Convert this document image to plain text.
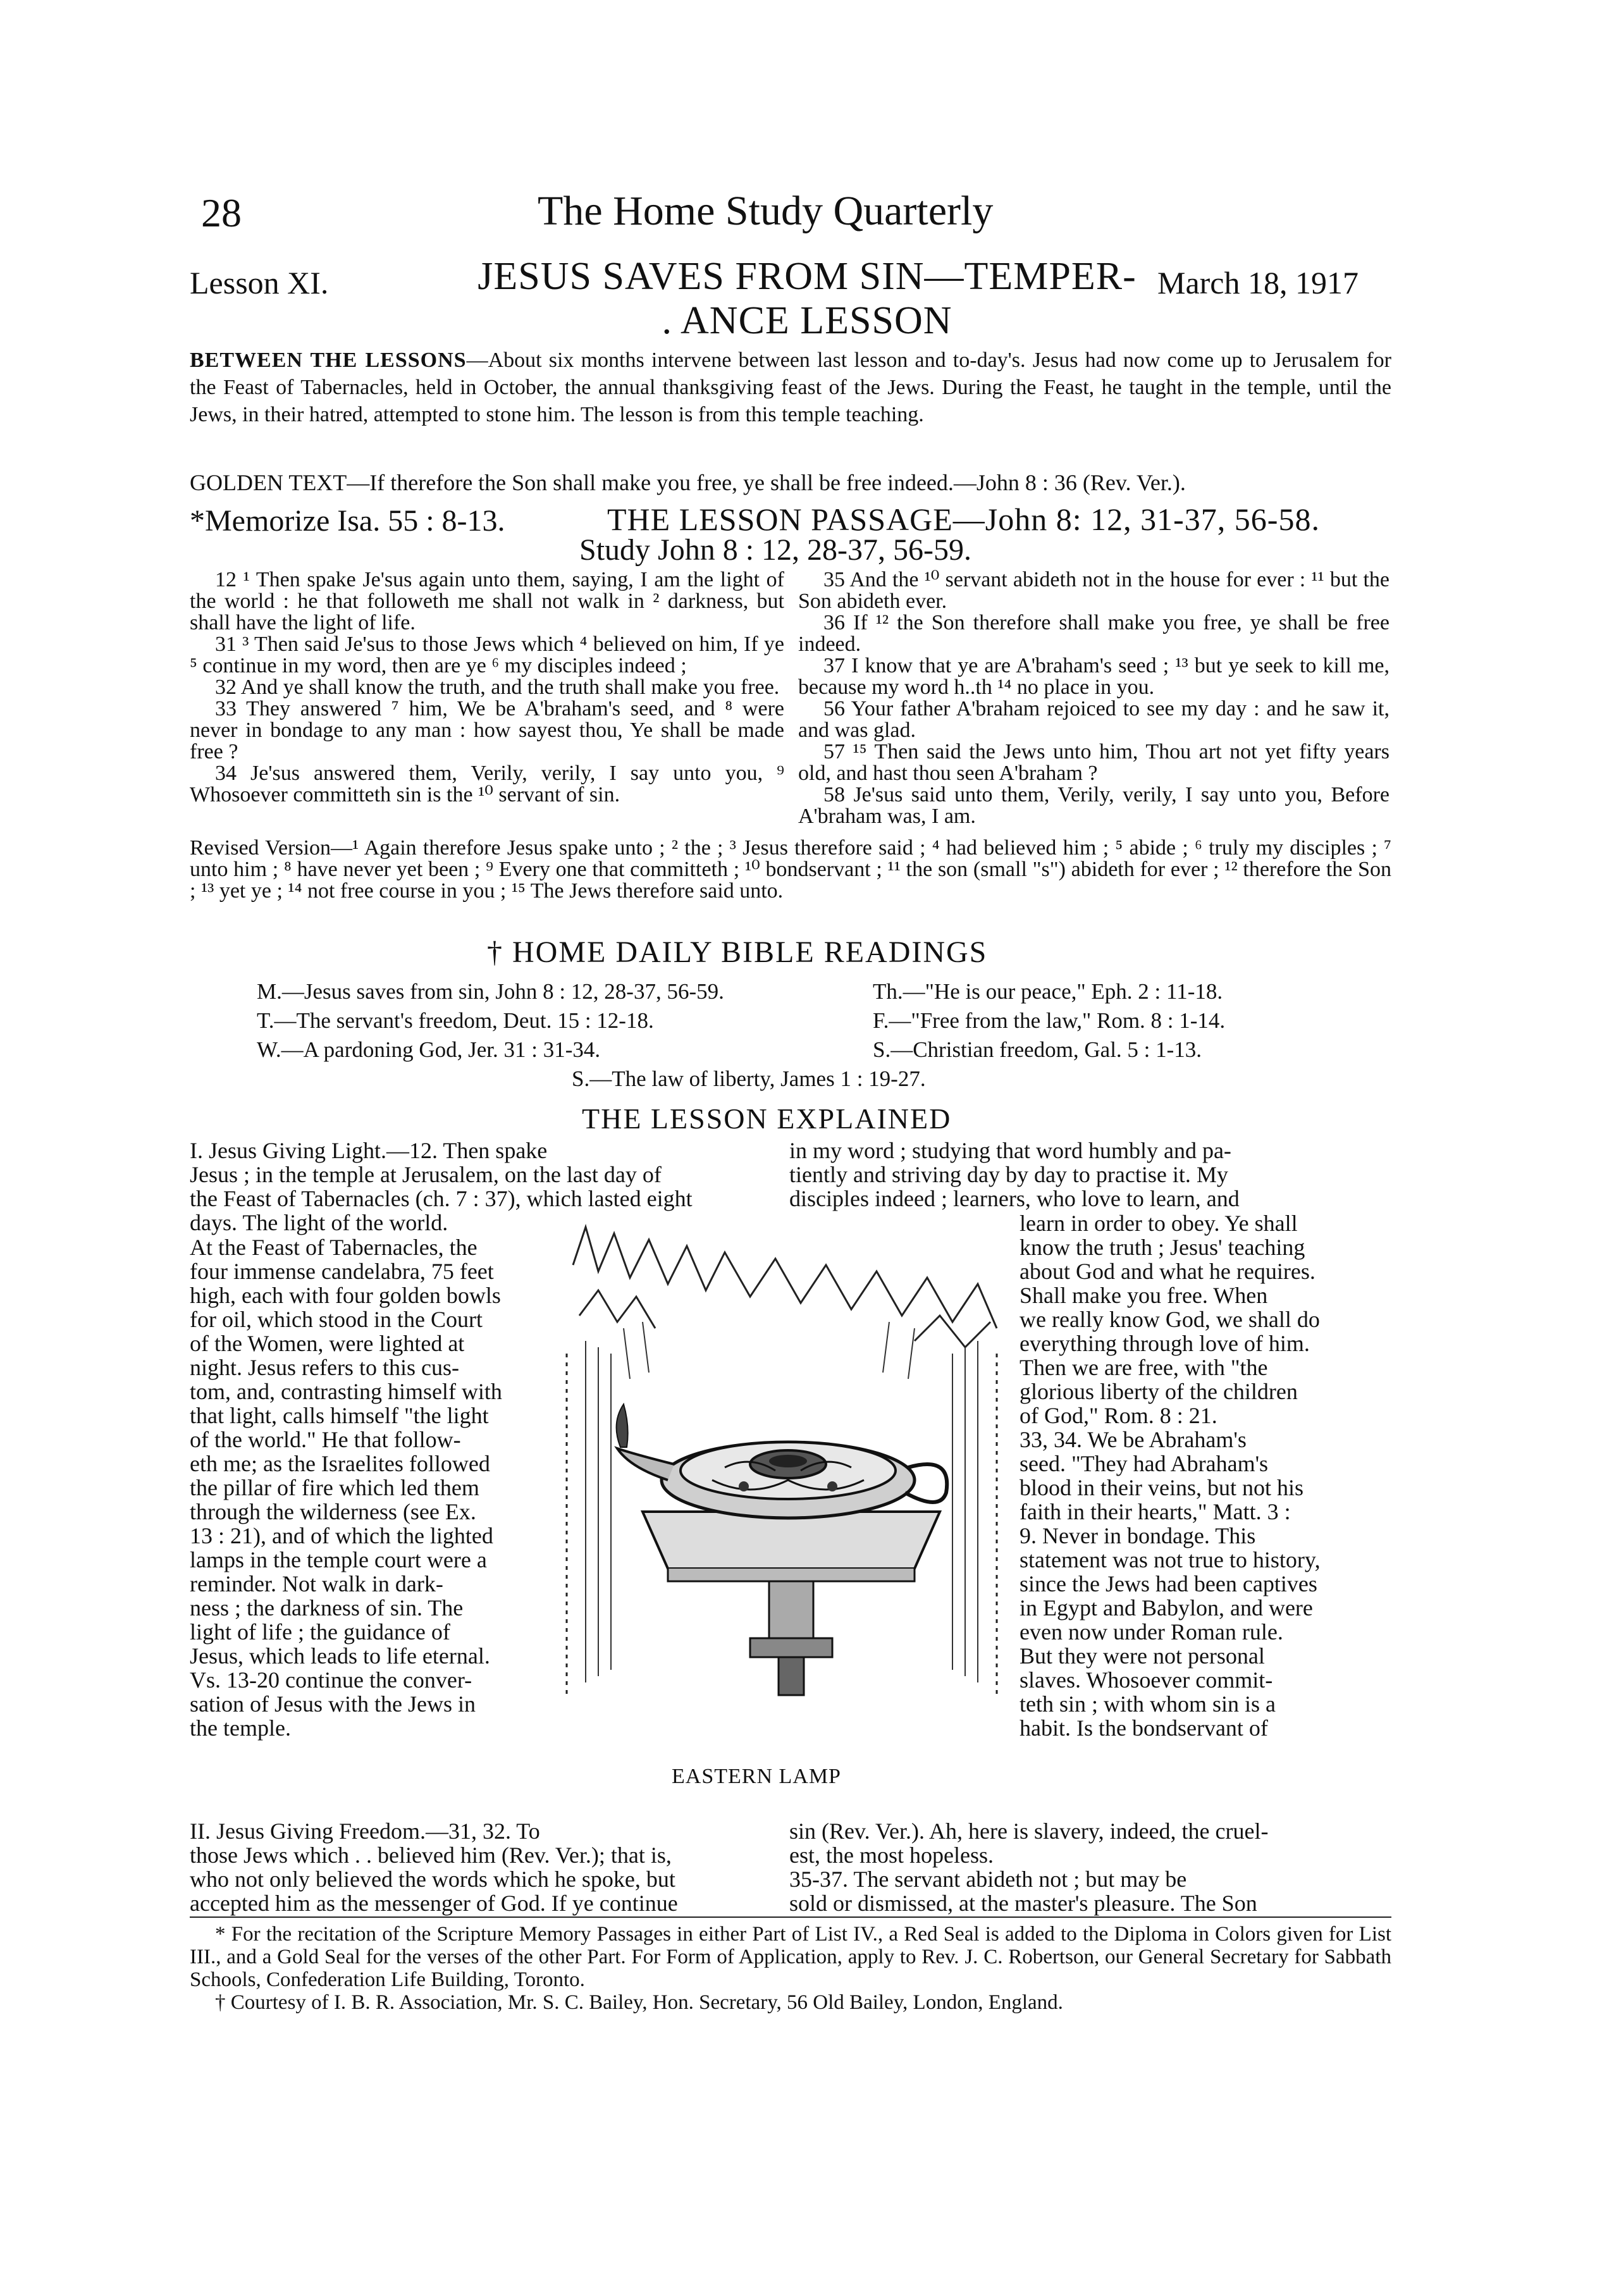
28	The Home Study Quarterly
Lesson XI.	JESUS SAVES FROM SIN—TEMPER-
. ANCE LESSON
March 18, 1917
BETWEEN THE LESSONS—About six months intervene between last lesson and to-day's. Jesus had now come up to Jerusalem for the Feast of Tabernacles, held in October, the annual thanksgiving feast of the Jews. During the Feast, he taught in the temple, until the Jews, in their hatred, attempted to stone him. The lesson is from this temple teaching.
GOLDEN TEXT—If therefore the Son shall make you free, ye shall be free indeed.—John 8 : 36 (Rev. Ver.).
*Memorize Isa. 55 : 8-13.	THE LESSON PASSAGE—John 8: 12, 31-37, 56-58.
Study John 8 : 12, 28-37, 56-59.

12 ¹ Then spake Je'sus again unto them, saying, I am the light of the world : he that followeth me shall not walk in ² darkness, but shall have the light of life.

31 ³ Then said Je'sus to those Jews which ⁴ believed on him, If ye ⁵ continue in my word, then are ye ⁶ my disciples indeed ;

32 And ye shall know the truth, and the truth shall make you free.

33 They answered ⁷ him, We be A'braham's seed, and ⁸ were never in bondage to any man : how sayest thou, Ye shall be made free ?

34 Je'sus answered them, Verily, verily, I say unto you, ⁹ Whosoever committeth sin is the ¹⁰ servant of sin.

35 And the ¹⁰ servant abideth not in the house for ever : ¹¹ but the Son abideth ever.

36 If ¹² the Son therefore shall make you free, ye shall be free indeed.

37 I know that ye are A'braham's seed ; ¹³ but ye seek to kill me, because my word h..th ¹⁴ no place in you.

56 Your father A'braham rejoiced to see my day : and he saw it, and was glad.

57 ¹⁵ Then said the Jews unto him, Thou art not yet fifty years old, and hast thou seen A'braham ?

58 Je'sus said unto them, Verily, verily, I say unto you, Before A'braham was, I am.

Revised Version—¹ Again therefore Jesus spake unto ; ² the ; ³ Jesus therefore said ; ⁴ had believed him ; ⁵ abide ; ⁶ truly my disciples ; ⁷ unto him ; ⁸ have never yet been ; ⁹ Every one that committeth ; ¹⁰ bondservant ; ¹¹ the son (small "s") abideth for ever ; ¹² therefore the Son ; ¹³ yet ye ; ¹⁴ not free course in you ; ¹⁵ The Jews therefore said unto.
† HOME DAILY BIBLE READINGS
M.—Jesus saves from sin, John 8 : 12, 28-37, 56-59.
T.—The servant's freedom, Deut. 15 : 12-18.
W.—A pardoning God, Jer. 31 : 31-34.
Th.—"He is our peace," Eph. 2 : 11-18.
F.—"Free from the law," Rom. 8 : 1-14.
S.—Christian freedom, Gal. 5 : 1-13.
S.—The law of liberty, James 1 : 19-27.
THE LESSON EXPLAINED
I. Jesus Giving Light.—12. Then spake
Jesus ; in the temple at Jerusalem, on the last day of
the Feast of Tabernacles (ch. 7 : 37), which lasted eight
days. The light of the world.
At the Feast of Tabernacles, the
four immense candelabra, 75 feet
high, each with four golden bowls
for oil, which stood in the Court
of the Women, were lighted at
night. Jesus refers to this cus-
tom, and, contrasting himself with
that light, calls himself "the light
of the world." He that follow-
eth me; as the Israelites followed
the pillar of fire which led them
through the wilderness (see Ex.
13 : 21), and of which the lighted
lamps in the temple court were a
reminder. Not walk in dark-
ness ; the darkness of sin. The
light of life ; the guidance of
Jesus, which leads to life eternal.
Vs. 13-20 continue the conver-
sation of Jesus with the Jews in
the temple.
in my word ; studying that word humbly and pa-
tiently and striving day by day to practise it. My
disciples indeed ; learners, who love to learn, and
learn in order to obey. Ye shall
know the truth ; Jesus' teaching
about God and what he requires.
Shall make you free. When
we really know God, we shall do
everything through love of him.
Then we are free, with "the
glorious liberty of the children
of God," Rom. 8 : 21.
33, 34. We be Abraham's
seed. "They had Abraham's
blood in their veins, but not his
faith in their hearts," Matt. 3 :
9. Never in bondage. This
statement was not true to history,
since the Jews had been captives
in Egypt and Babylon, and were
even now under Roman rule.
But they were not personal
slaves. Whosoever commit-
teth sin ; with whom sin is a
habit. Is the bondservant of
EASTERN LAMP
II. Jesus Giving Freedom.—31, 32. To
those Jews which . . believed him (Rev. Ver.); that is,
who not only believed the words which he spoke, but
accepted him as the messenger of God. If ye continue
sin (Rev. Ver.). Ah, here is slavery, indeed, the cruel-
est, the most hopeless.
35-37. The servant abideth not ; but may be
sold or dismissed, at the master's pleasure. The Son

* For the recitation of the Scripture Memory Passages in either Part of List IV., a Red Seal is added to the Diploma in Colors given for List III., and a Gold Seal for the verses of the other Part. For Form of Application, apply to Rev. J. C. Robertson, our General Secretary for Sabbath Schools, Confederation Life Building, Toronto.

† Courtesy of I. B. R. Association, Mr. S. C. Bailey, Hon. Secretary, 56 Old Bailey, London, England.
